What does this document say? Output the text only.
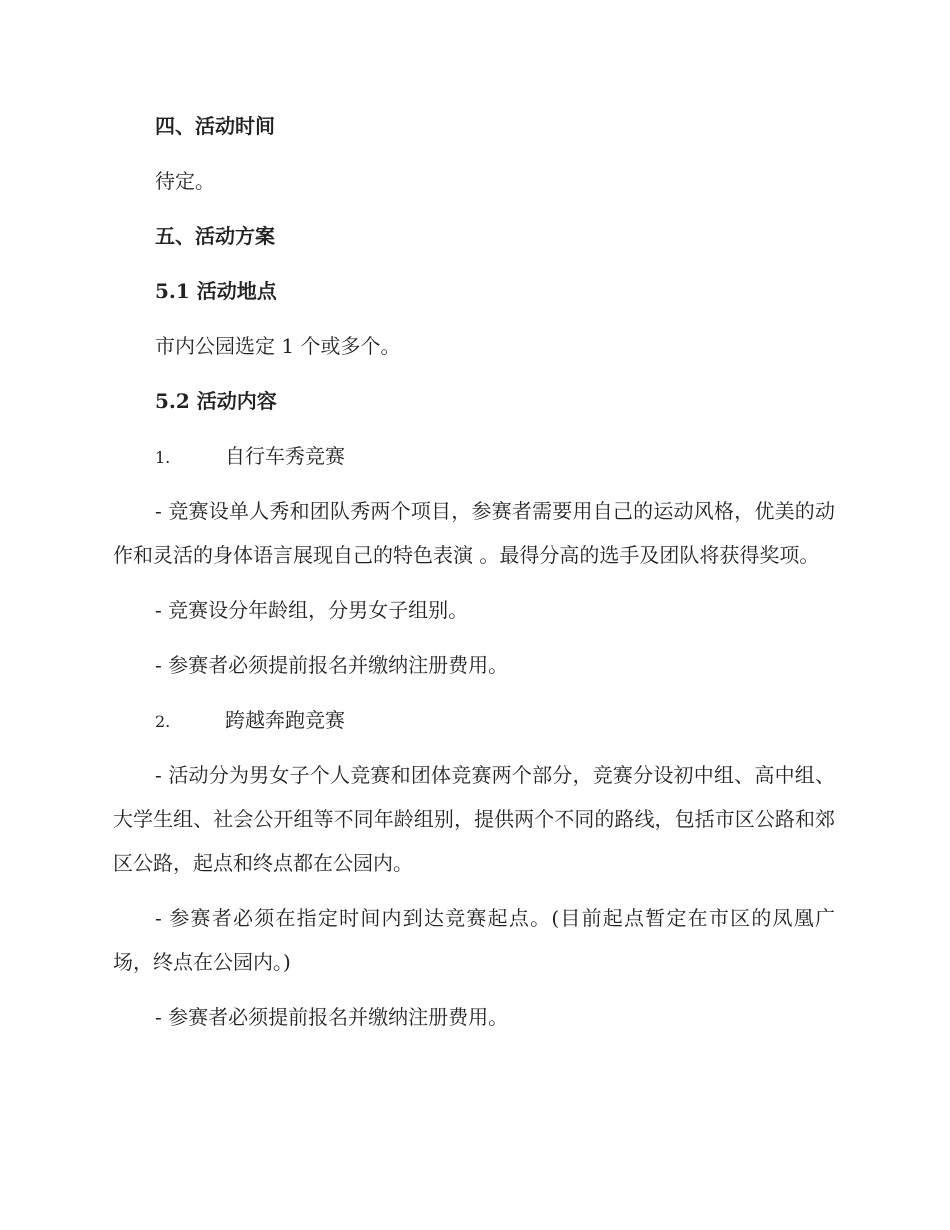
四、活动时间

待定。

五、活动方案
5.1 活动地点

市内公园选定 1 个或多个。

5.2 活动内容
1.	自行车秀竞赛

- 竞赛设单人秀和团队秀两个项目，参赛者需要用自己的运动风格，优美的动作和灵活的身体语言展现自己的特色表演 。最得分高的选手及团队将获得奖项。

- 竞赛设分年龄组，分男女子组别。

- 参赛者必须提前报名并缴纳注册费用。

2.	跨越奔跑竞赛

- 活动分为男女子个人竞赛和团体竞赛两个部分，竞赛分设初中组、高中组、大学生组、社会公开组等不同年龄组别，提供两个不同的路线，包括市区公路和郊区公路，起点和终点都在公园内。

- 参赛者必须在指定时间内到达竞赛起点。(目前起点暂定在市区的凤凰广场，终点在公园内。)

- 参赛者必须提前报名并缴纳注册费用。
